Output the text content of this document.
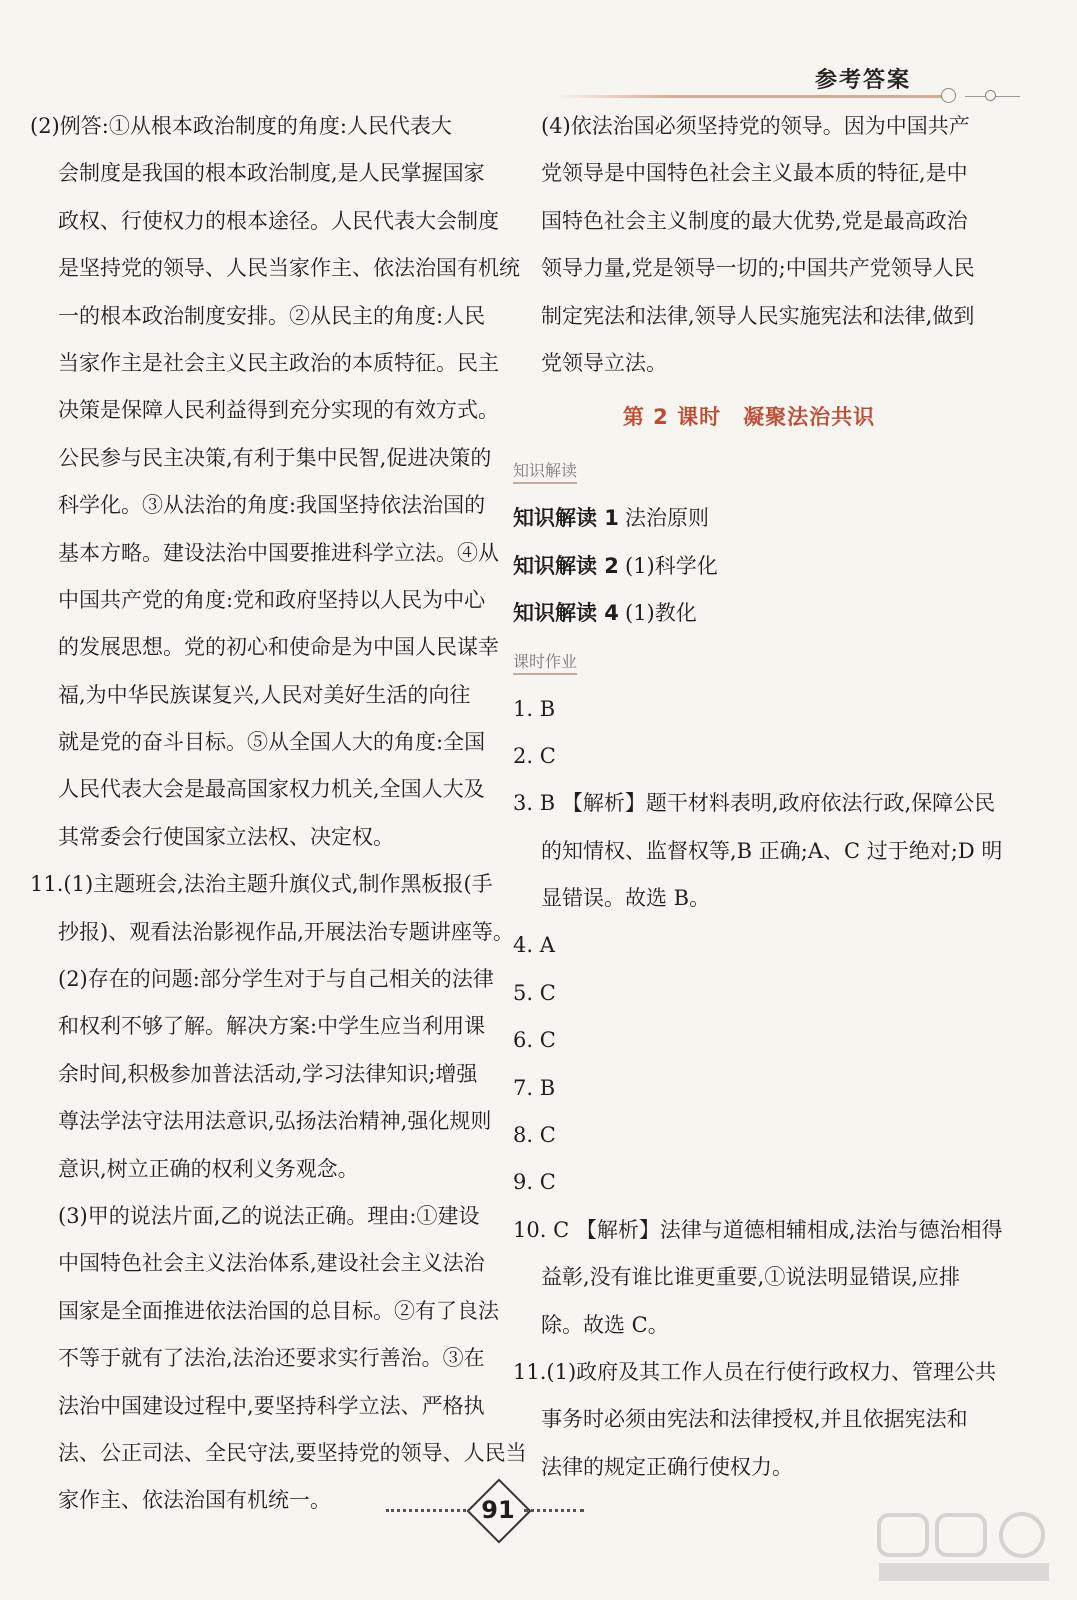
参考答案
(2)例答:①从根本政治制度的角度:人民代表大
会制度是我国的根本政治制度,是人民掌握国家
政权、行使权力的根本途径。人民代表大会制度
是坚持党的领导、人民当家作主、依法治国有机统
一的根本政治制度安排。②从民主的角度:人民
当家作主是社会主义民主政治的本质特征。民主
决策是保障人民利益得到充分实现的有效方式。
公民参与民主决策,有利于集中民智,促进决策的
科学化。③从法治的角度:我国坚持依法治国的
基本方略。建设法治中国要推进科学立法。④从
中国共产党的角度:党和政府坚持以人民为中心
的发展思想。党的初心和使命是为中国人民谋幸
福,为中华民族谋复兴,人民对美好生活的向往
就是党的奋斗目标。⑤从全国人大的角度:全国
人民代表大会是最高国家权力机关,全国人大及
其常委会行使国家立法权、决定权。
11.(1)主题班会,法治主题升旗仪式,制作黑板报(手
抄报)、观看法治影视作品,开展法治专题讲座等。
(2)存在的问题:部分学生对于与自己相关的法律
和权利不够了解。解决方案:中学生应当利用课
余时间,积极参加普法活动,学习法律知识;增强
尊法学法守法用法意识,弘扬法治精神,强化规则
意识,树立正确的权利义务观念。
(3)甲的说法片面,乙的说法正确。理由:①建设
中国特色社会主义法治体系,建设社会主义法治
国家是全面推进依法治国的总目标。②有了良法
不等于就有了法治,法治还要求实行善治。③在
法治中国建设过程中,要坚持科学立法、严格执
法、公正司法、全民守法,要坚持党的领导、人民当
家作主、依法治国有机统一。
(4)依法治国必须坚持党的领导。因为中国共产
党领导是中国特色社会主义最本质的特征,是中
国特色社会主义制度的最大优势,党是最高政治
领导力量,党是领导一切的;中国共产党领导人民
制定宪法和法律,领导人民实施宪法和法律,做到
党领导立法。
第 2 课时　凝聚法治共识
知识解读
知识解读 1 法治原则
知识解读 2 (1)科学化
知识解读 4 (1)教化
课时作业
1. B
2. C
3. B 【解析】题干材料表明,政府依法行政,保障公民
的知情权、监督权等,B 正确;A、C 过于绝对;D 明
显错误。故选 B。
4. A
5. C
6. C
7. B
8. C
9. C
10. C 【解析】法律与道德相辅相成,法治与德治相得
益彰,没有谁比谁更重要,①说法明显错误,应排
除。故选 C。
11.(1)政府及其工作人员在行使行政权力、管理公共
事务时必须由宪法和法律授权,并且依据宪法和
法律的规定正确行使权力。
91
